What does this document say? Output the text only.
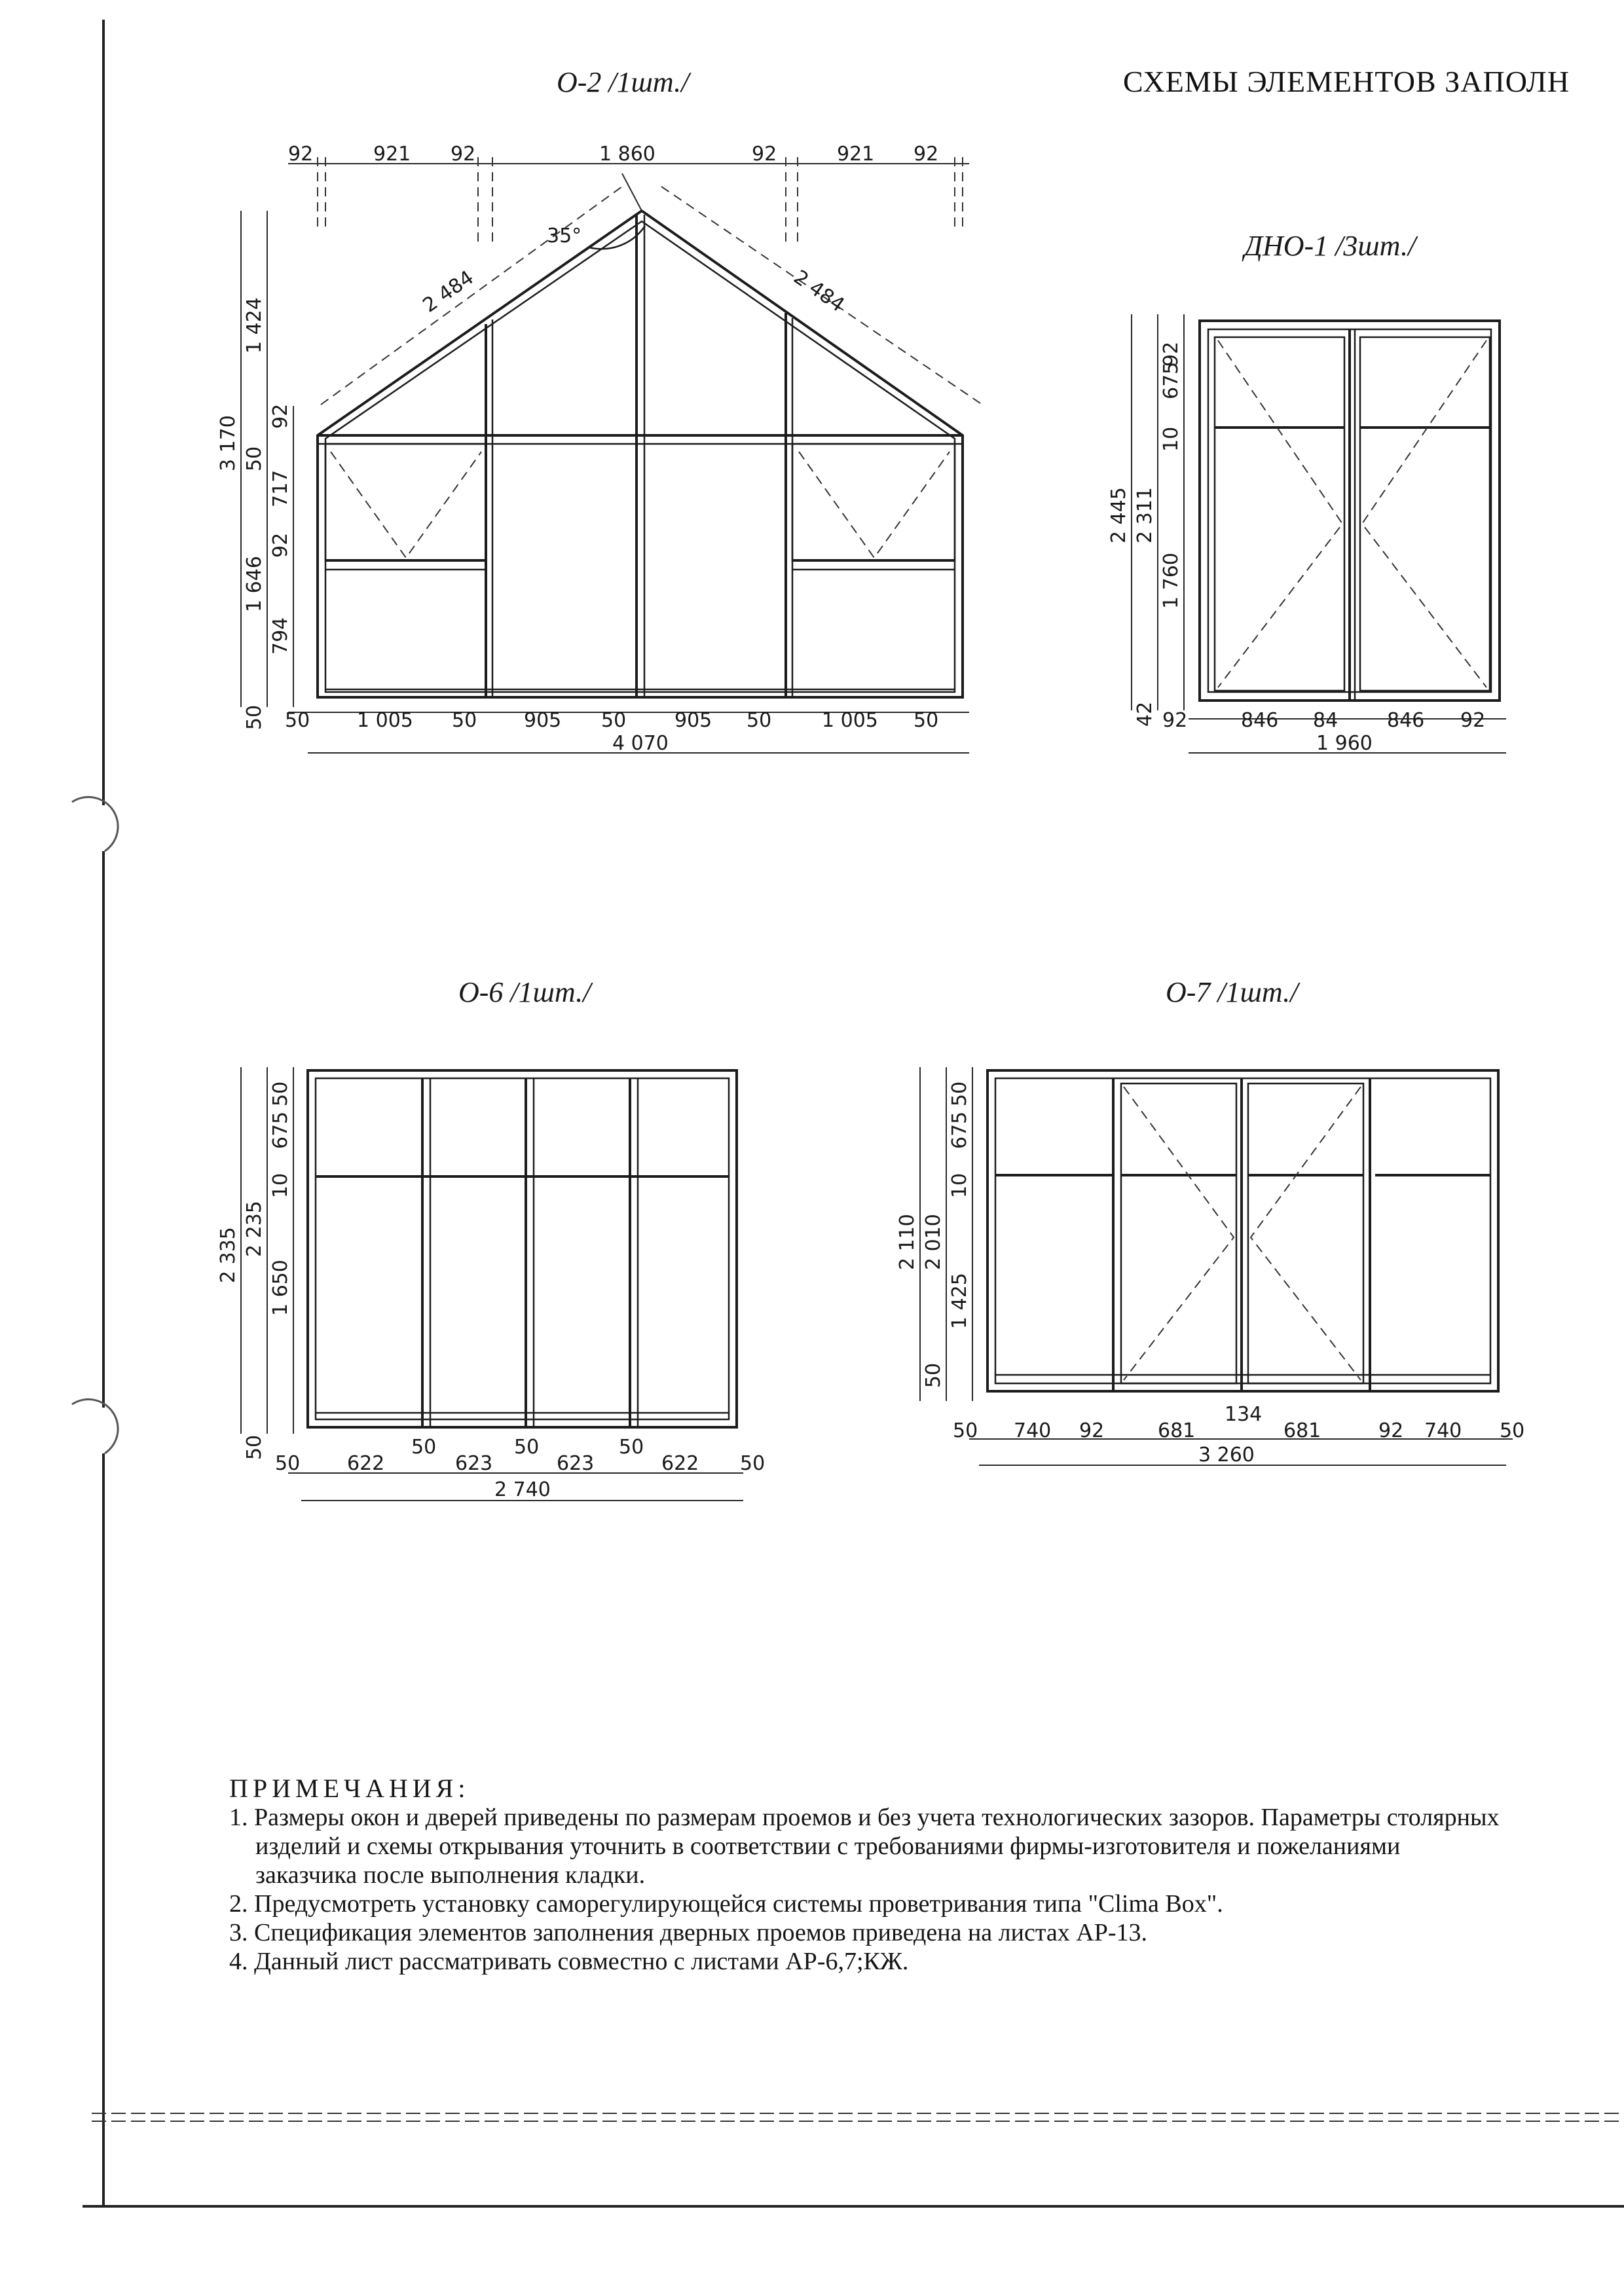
СХЕМЫ ЭЛЕМЕНТОВ ЗАПОЛН
О-2 /1шт./
35°
2 484	2 484
92	921 92	1 860	92	921 92
3 170
1 424
50
1 646
92
717
92
794
50 50 1 005 50 905 50 905 50	1 005 50
4 070
ДНО-1 /3шт./
2 445 2 311
92
675
10
1 760
42 92	846 84 846 92
1 960
О-6 /1шт./
2 335 2 235
50
675
10
1 650
50	50	50	50
50 622	623	623	622 50
2 740
О-7 /1шт./
2 110 2 010
50
675
10
1 425
50
134
50 740 92	681	681	92 740 50
3 260
ПРИМЕЧАНИЯ:
1. Размеры окон и дверей приведены по размерам проемов и без учета технологических зазоров. Параметры столярных изделий и схемы открывания уточнить в соответствии с требованиями фирмы-изготовителя и пожеланиями заказчика после выполнения кладки.
2. Предусмотреть установку саморегулирующейся системы проветривания типа "Clima Box".
3. Спецификация элементов заполнения дверных проемов приведена на листах АР-13.
4. Данный лист рассматривать совместно с листами АР-6,7;КЖ.
